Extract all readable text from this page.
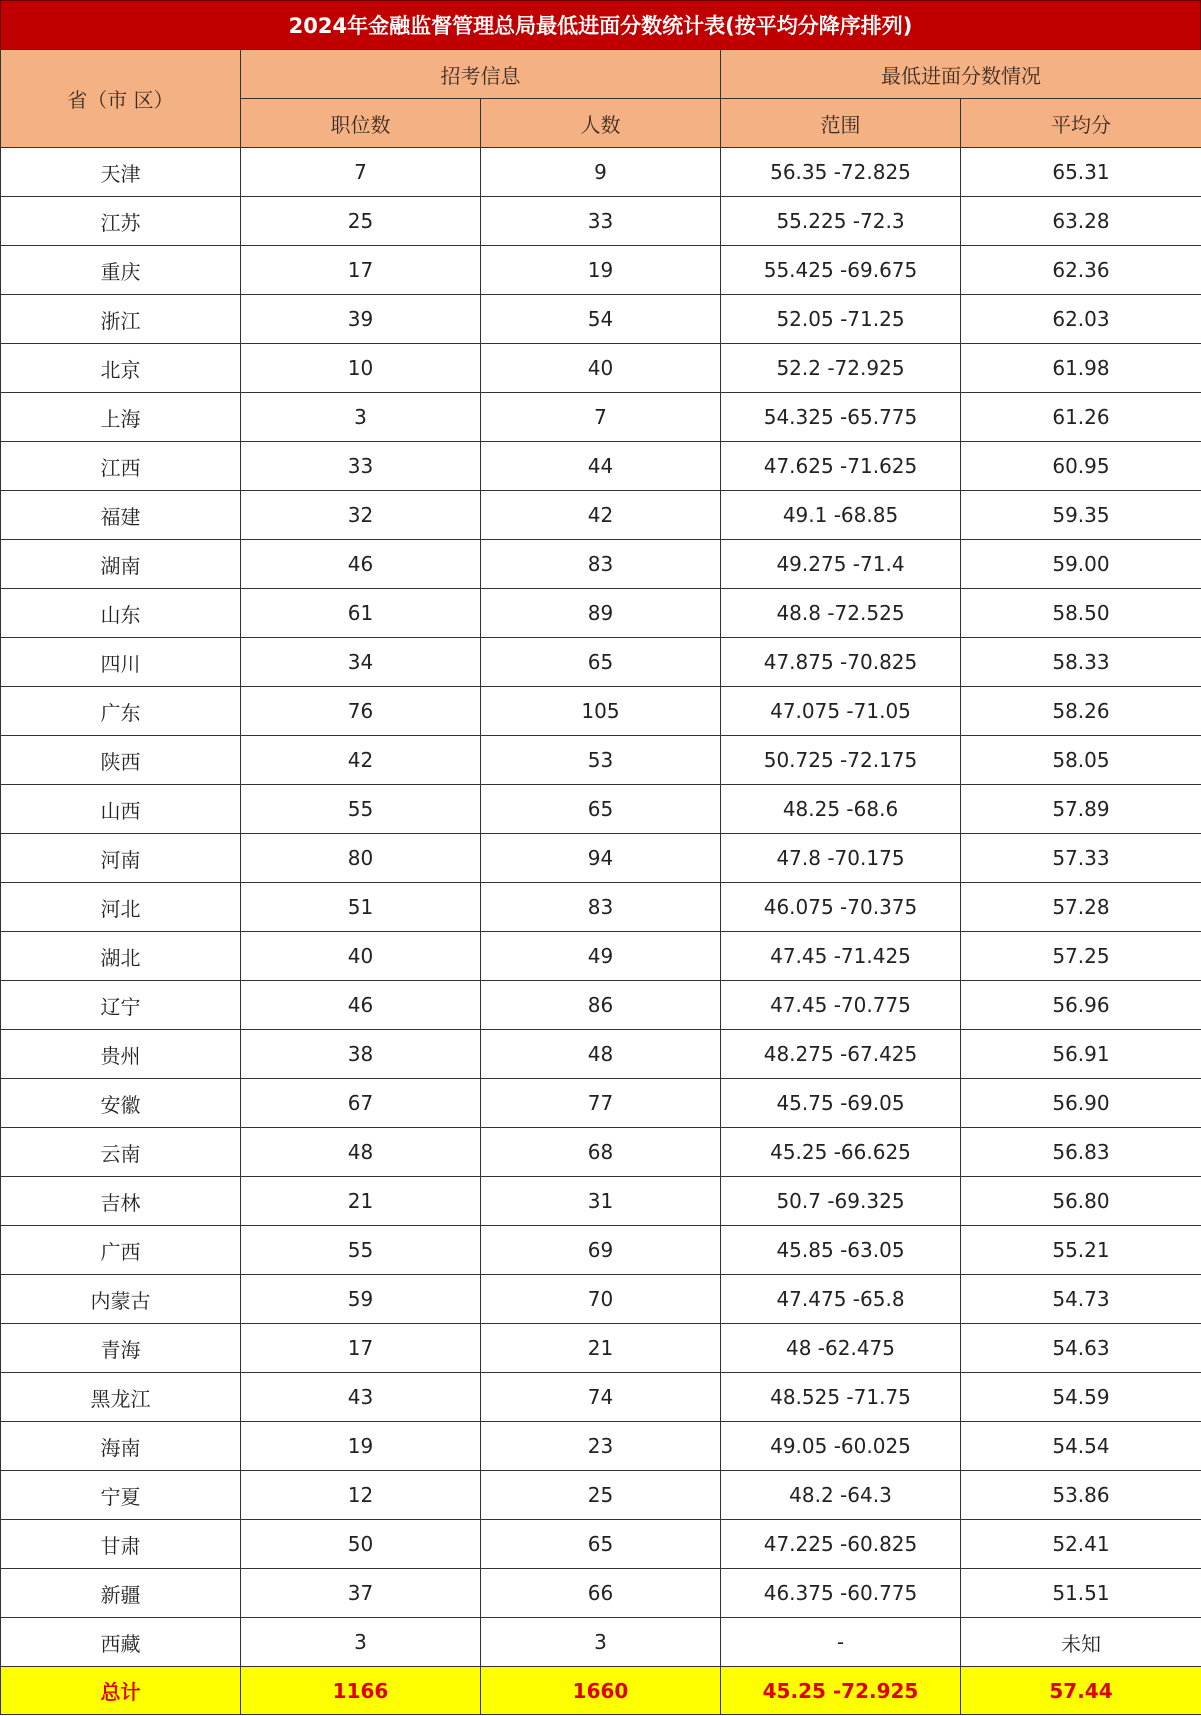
2024年金融监督管理总局最低进面分数统计表(按平均分降序排列)
省（市 区）	招考信息		最低进面分数情况	
	职位数	人数	范围	平均分
天津	7	9	56.35 -72.825	65.31
江苏	25	33	55.225 -72.3	63.28
重庆	17	19	55.425 -69.675	62.36
浙江	39	54	52.05 -71.25	62.03
北京	10	40	52.2 -72.925	61.98
上海	3	7	54.325 -65.775	61.26
江西	33	44	47.625 -71.625	60.95
福建	32	42	49.1 -68.85	59.35
湖南	46	83	49.275 -71.4	59.00
山东	61	89	48.8 -72.525	58.50
四川	34	65	47.875 -70.825	58.33
广东	76	105	47.075 -71.05	58.26
陕西	42	53	50.725 -72.175	58.05
山西	55	65	48.25 -68.6	57.89
河南	80	94	47.8 -70.175	57.33
河北	51	83	46.075 -70.375	57.28
湖北	40	49	47.45 -71.425	57.25
辽宁	46	86	47.45 -70.775	56.96
贵州	38	48	48.275 -67.425	56.91
安徽	67	77	45.75 -69.05	56.90
云南	48	68	45.25 -66.625	56.83
吉林	21	31	50.7 -69.325	56.80
广西	55	69	45.85 -63.05	55.21
内蒙古	59	70	47.475 -65.8	54.73
青海	17	21	48 -62.475	54.63
黑龙江	43	74	48.525 -71.75	54.59
海南	19	23	49.05 -60.025	54.54
宁夏	12	25	48.2 -64.3	53.86
甘肃	50	65	47.225 -60.825	52.41
新疆	37	66	46.375 -60.775	51.51
西藏	3	3	-	未知
总计	1166	1660	45.25 -72.925	57.44
